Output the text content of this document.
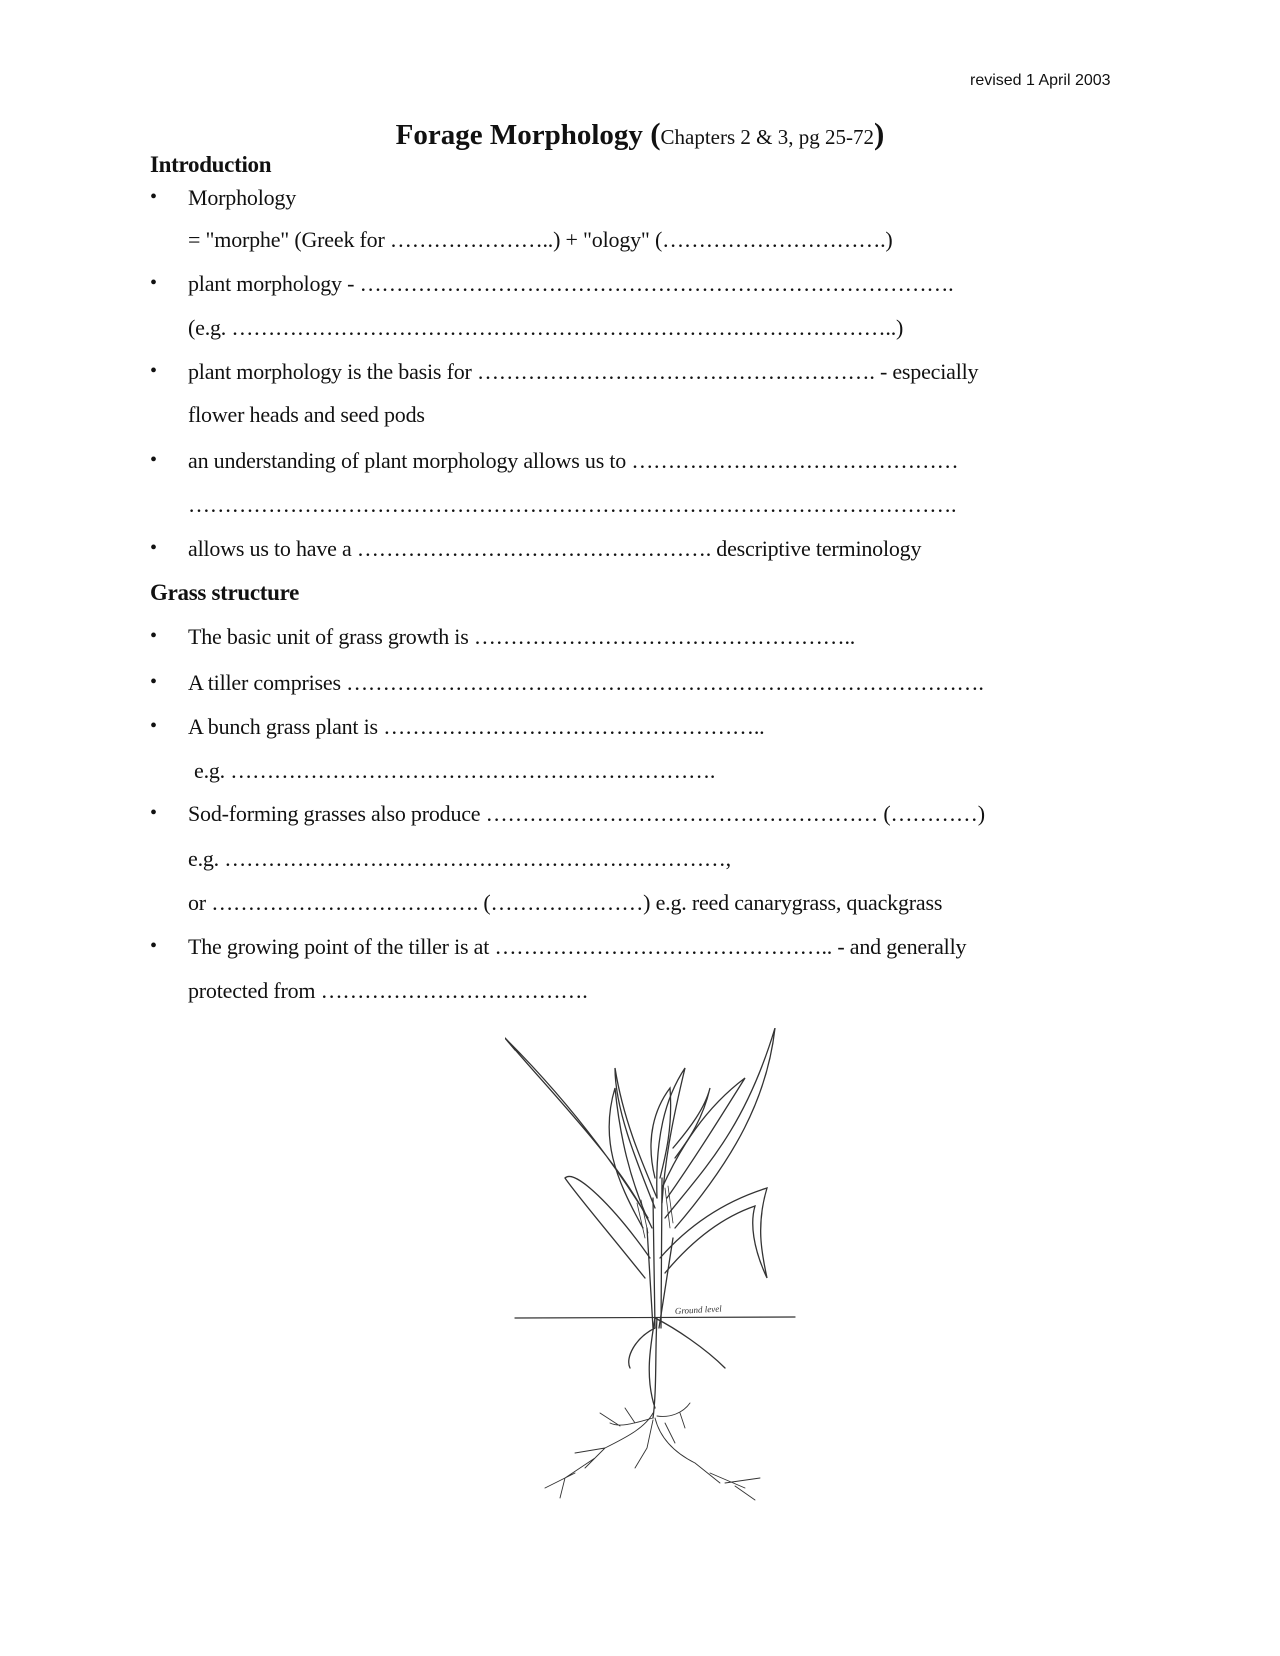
revised 1 April 2003
Forage Morphology (Chapters 2 & 3, pg 25-72)
Introduction
• Morphology
= "morphe" (Greek for …………………..) + "ology" (………………………….)
• plant morphology - ……………………………………………………………………….
(e.g. ………………………………………………………………………………..)
• plant morphology is the basis for ………………………………………………. - especially
flower heads and seed pods
• an understanding of plant morphology allows us to ………………………………………
…………………………………………………………………………………………….
• allows us to have a …………………………………………. descriptive terminology
Grass structure
• The basic unit of grass growth is ……………………………………………..
• A tiller comprises …………………………………………………………………………….
• A bunch grass plant is ……………………………………………..
e.g. ………………………………………………………….
• Sod-forming grasses also produce ……………………………………………… (…………)
e.g. ……………………………………………………………,
or ………………………………. (…………………) e.g. reed canarygrass, quackgrass
• The growing point of the tiller is at ……………………………………….. - and generally
protected from ……………………………….
Ground level
